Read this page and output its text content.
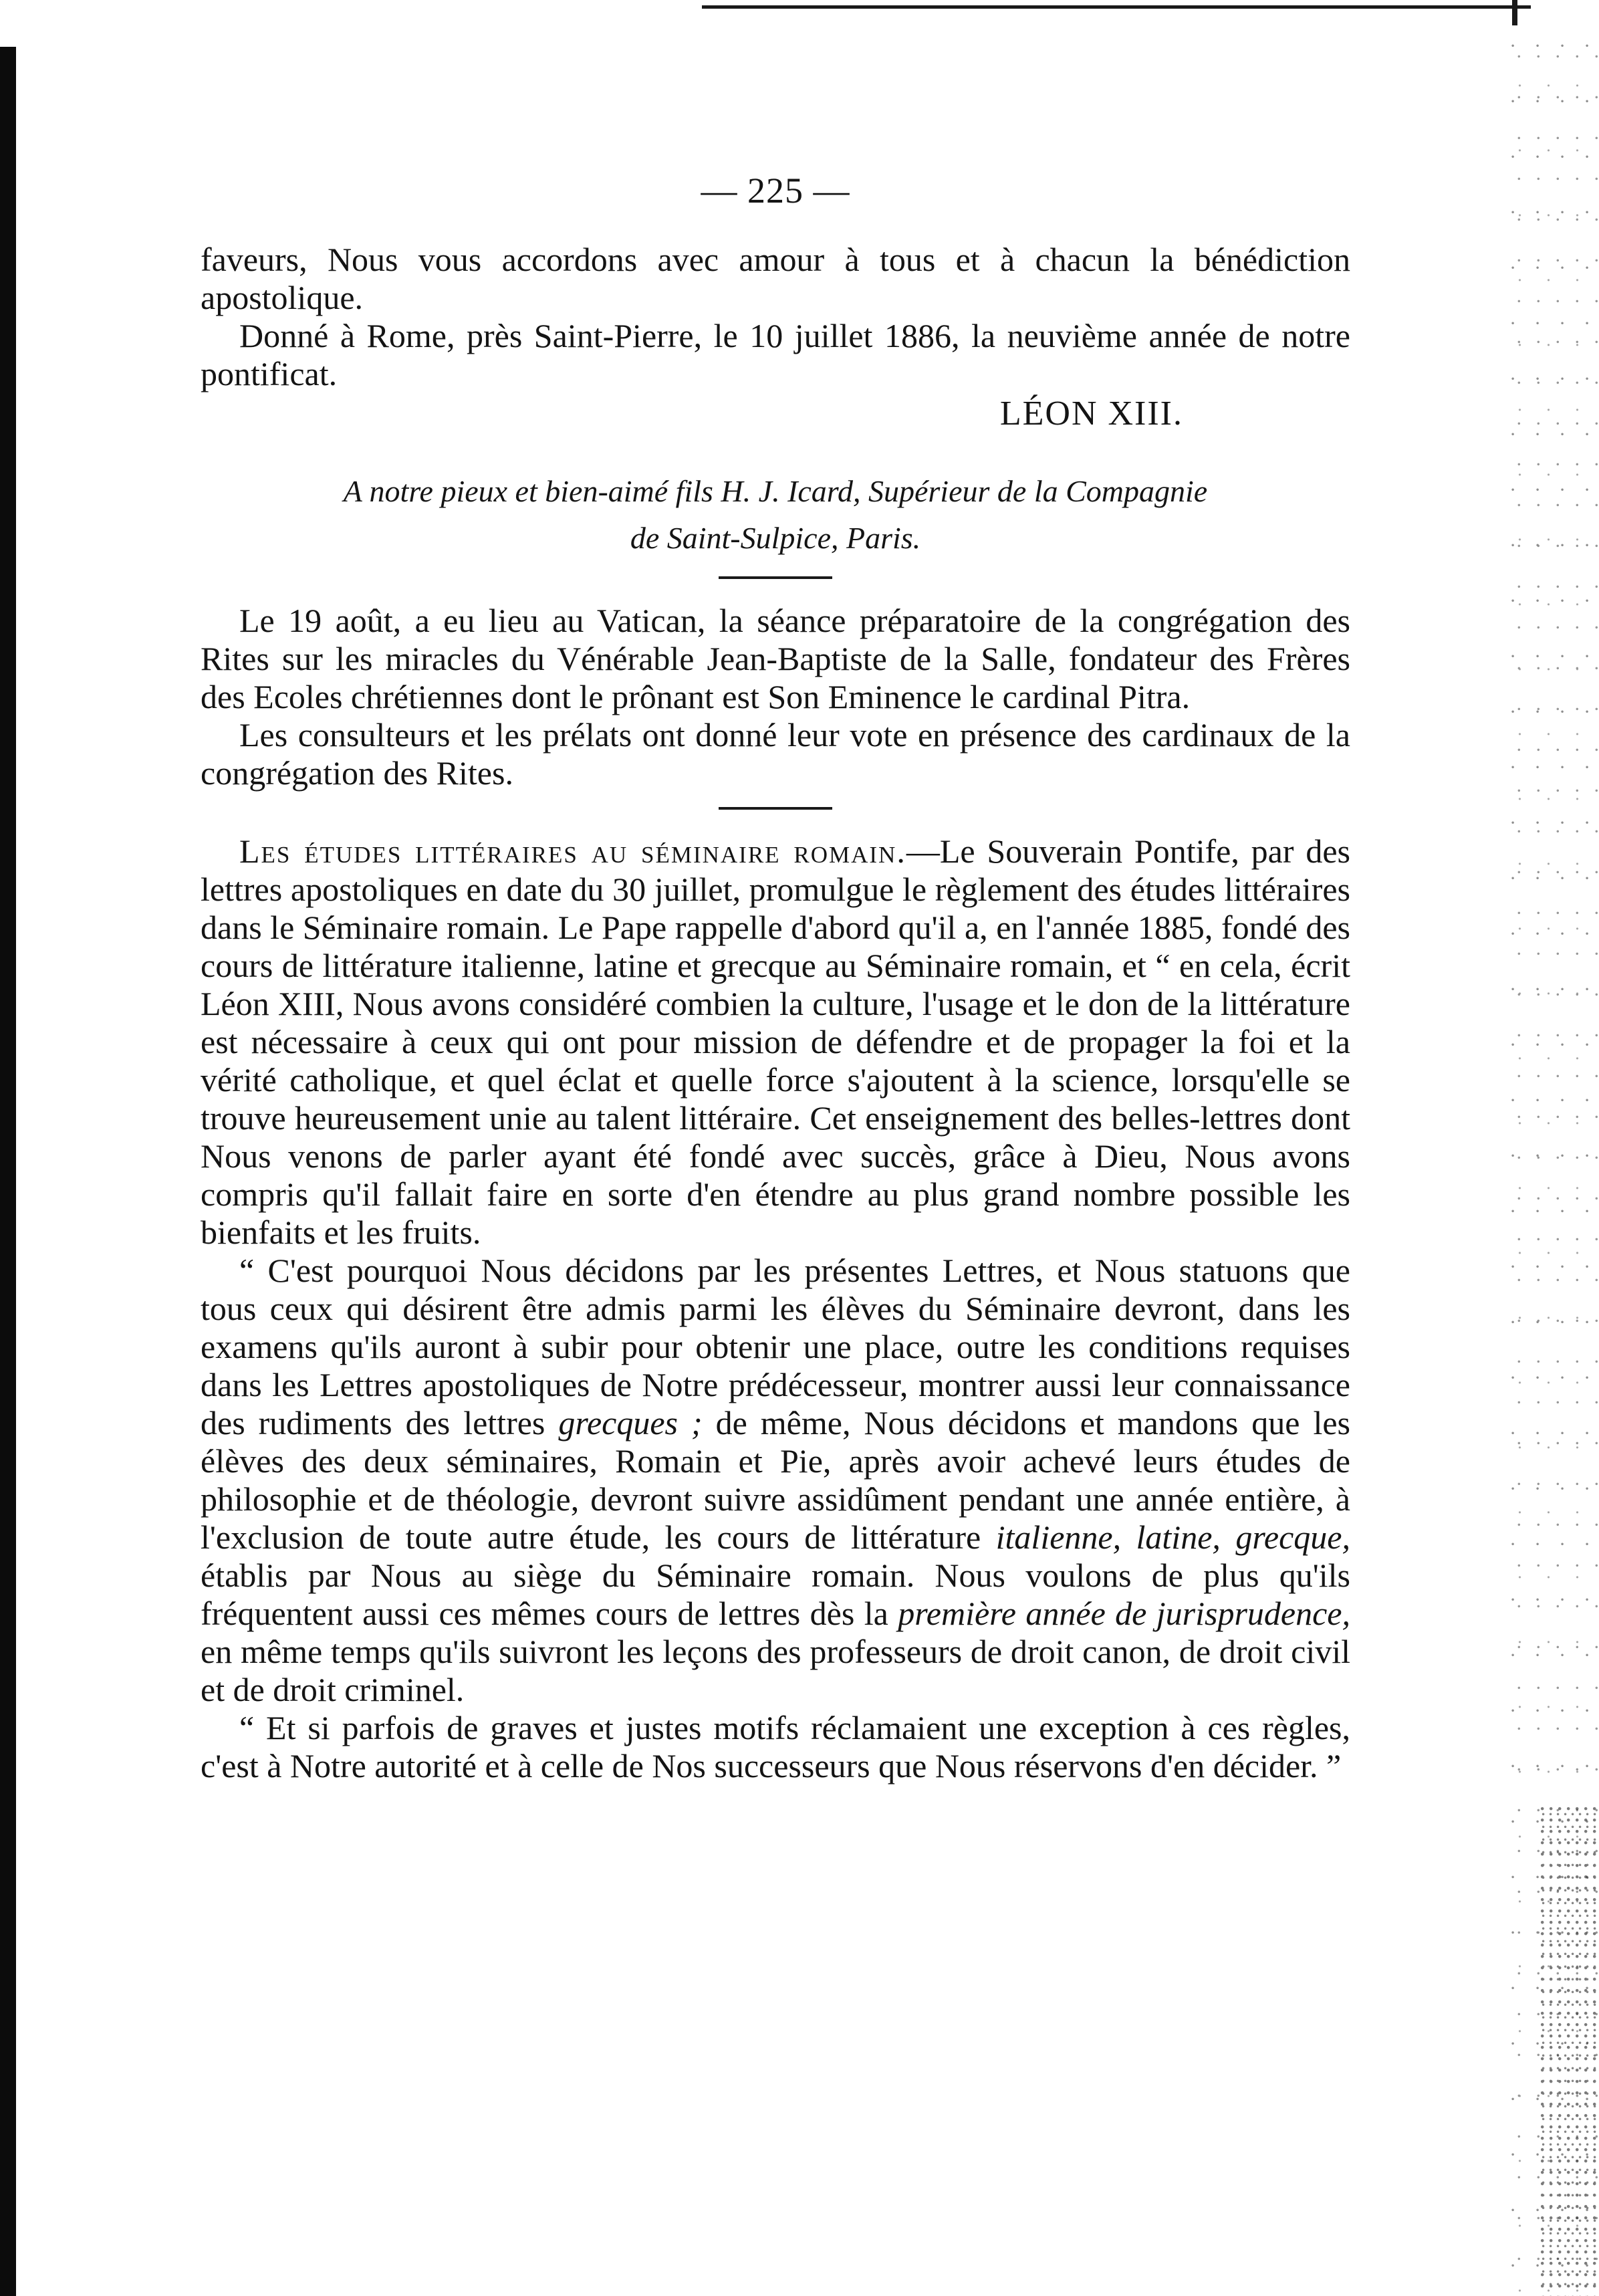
— 225 —

faveurs, Nous vous accordons avec amour à tous et à chacun la bénédiction apostolique.

Donné à Rome, près Saint-Pierre, le 10 juillet 1886, la neuvième année de notre pontificat.

LÉON XIII.
A notre pieux et bien-aimé fils H. J. Icard, Supérieur de la Compagnie
de Saint-Sulpice, Paris.

Le 19 août, a eu lieu au Vatican, la séance préparatoire de la congrégation des Rites sur les miracles du Vénérable Jean-Baptiste de la Salle, fondateur des Frères des Ecoles chrétiennes dont le prônant est Son Eminence le cardinal Pitra.

Les consulteurs et les prélats ont donné leur vote en présence des cardinaux de la congrégation des Rites.

Les études littéraires au séminaire romain.—Le Souverain Pontife, par des lettres apostoliques en date du 30 juillet, promulgue le règlement des études littéraires dans le Séminaire romain. Le Pape rappelle d'abord qu'il a, en l'année 1885, fondé des cours de littérature italienne, latine et grecque au Séminaire romain, et “ en cela, écrit Léon XIII, Nous avons considéré combien la culture, l'usage et le don de la littérature est nécessaire à ceux qui ont pour mission de défendre et de propager la foi et la vérité catholique, et quel éclat et quelle force s'ajoutent à la science, lorsqu'elle se trouve heureusement unie au talent littéraire. Cet enseignement des belles-lettres dont Nous venons de parler ayant été fondé avec succès, grâce à Dieu, Nous avons compris qu'il fallait faire en sorte d'en étendre au plus grand nombre possible les bienfaits et les fruits.

“ C'est pourquoi Nous décidons par les présentes Lettres, et Nous statuons que tous ceux qui désirent être admis parmi les élèves du Séminaire devront, dans les examens qu'ils auront à subir pour obtenir une place, outre les conditions requises dans les Lettres apostoliques de Notre prédécesseur, montrer aussi leur connaissance des rudiments des lettres grecques ; de même, Nous décidons et mandons que les élèves des deux séminaires, Romain et Pie, après avoir achevé leurs études de philosophie et de théologie, devront suivre assidûment pendant une année entière, à l'exclusion de toute autre étude, les cours de littérature italienne, latine, grecque, établis par Nous au siège du Séminaire romain. Nous voulons de plus qu'ils fréquentent aussi ces mêmes cours de lettres dès la première année de jurisprudence, en même temps qu'ils suivront les leçons des professeurs de droit canon, de droit civil et de droit criminel.

“ Et si parfois de graves et justes motifs réclamaient une exception à ces règles, c'est à Notre autorité et à celle de Nos successeurs que Nous réservons d'en décider. ”
